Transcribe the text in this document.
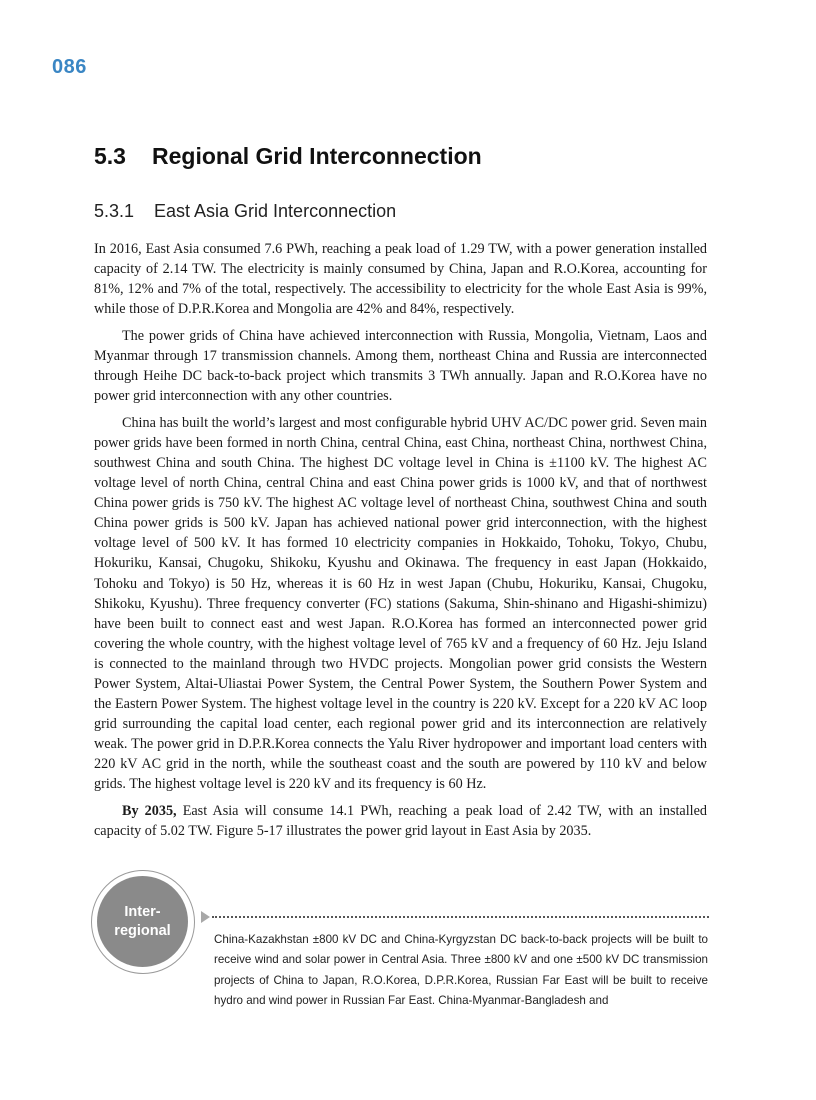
086
5.3 Regional Grid Interconnection
5.3.1 East Asia Grid Interconnection

In 2016, East Asia consumed 7.6 PWh, reaching a peak load of 1.29 TW, with a power generation installed capacity of 2.14 TW. The electricity is mainly consumed by China, Japan and R.O.Korea, accounting for 81%, 12% and 7% of the total, respectively. The accessibility to electricity for the whole East Asia is 99%, while those of D.P.R.Korea and Mongolia are 42% and 84%, respectively.

The power grids of China have achieved interconnection with Russia, Mongolia, Vietnam, Laos and Myanmar through 17 transmission channels. Among them, northeast China and Russia are interconnected through Heihe DC back-to-back project which transmits 3 TWh annually. Japan and R.O.Korea have no power grid interconnection with any other countries.

China has built the world’s largest and most configurable hybrid UHV AC/DC power grid. Seven main power grids have been formed in north China, central China, east China, northeast China, northwest China, southwest China and south China. The highest DC voltage level in China is ±1100 kV. The highest AC voltage level of north China, central China and east China power grids is 1000 kV, and that of northwest China power grids is 750 kV. The highest AC voltage level of northeast China, southwest China and south China power grids is 500 kV. Japan has achieved national power grid interconnection, with the highest voltage level of 500 kV. It has formed 10 electricity companies in Hokkaido, Tohoku, Tokyo, Chubu, Hokuriku, Kansai, Chugoku, Shikoku, Kyushu and Okinawa. The frequency in east Japan (Hokkaido, Tohoku and Tokyo) is 50 Hz, whereas it is 60 Hz in west Japan (Chubu, Hokuriku, Kansai, Chugoku, Shikoku, Kyushu). Three frequency converter (FC) stations (Sakuma, Shin-shinano and Higashi-shimizu) have been built to connect east and west Japan. R.O.Korea has formed an interconnected power grid covering the whole country, with the highest voltage level of 765 kV and a frequency of 60 Hz. Jeju Island is connected to the mainland through two HVDC projects. Mongolian power grid consists the Western Power System, Altai-Uliastai Power System, the Central Power System, the Southern Power System and the Eastern Power System. The highest voltage level in the country is 220 kV. Except for a 220 kV AC loop grid surrounding the capital load center, each regional power grid and its interconnection are relatively weak. The power grid in D.P.R.Korea connects the Yalu River hydropower and important load centers with 220 kV AC grid in the north, while the southeast coast and the south are powered by 110 kV and below grids. The highest voltage level is 220 kV and its frequency is 60 Hz.

By 2035, East Asia will consume 14.1 PWh, reaching a peak load of 2.42 TW, with an installed capacity of 5.02 TW. Figure 5-17 illustrates the power grid layout in East Asia by 2035.

Inter-
regional

China-Kazakhstan ±800 kV DC and China-Kyrgyzstan DC back-to-back projects will be built to receive wind and solar power in Central Asia. Three ±800 kV and one ±500 kV DC transmission projects of China to Japan, R.O.Korea, D.P.R.Korea, Russian Far East will be built to receive hydro and wind power in Russian Far East. China-Myanmar-Bangladesh and
